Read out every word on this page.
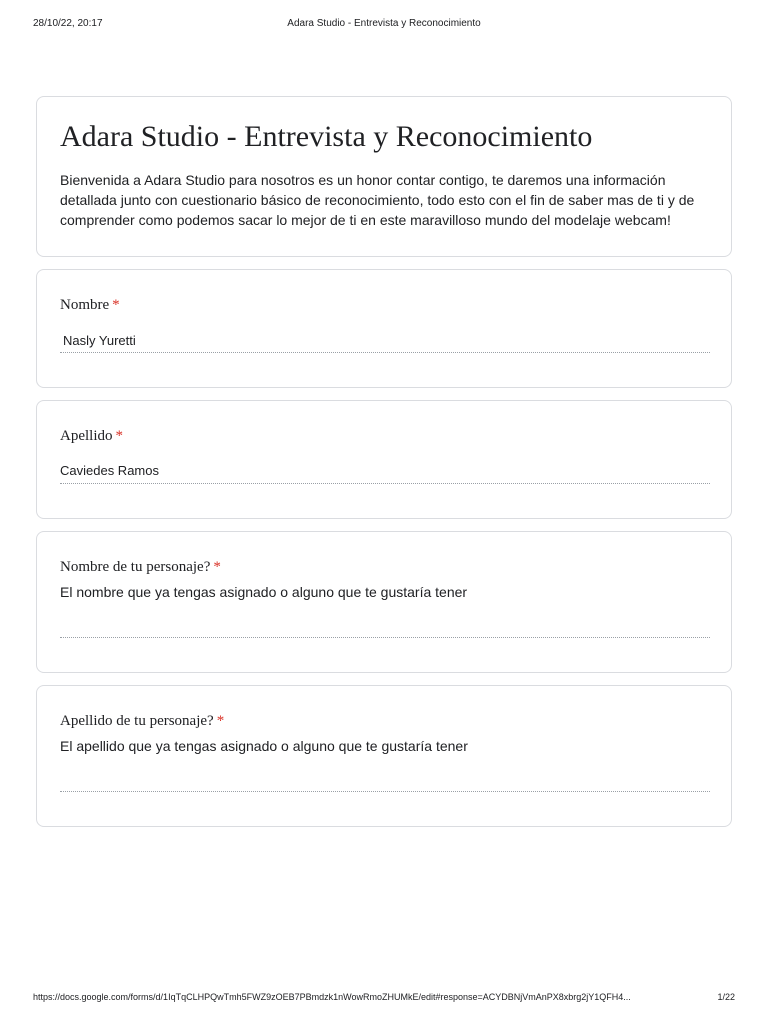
28/10/22, 20:17	Adara Studio - Entrevista y Reconocimiento
Adara Studio - Entrevista y Reconocimiento
Bienvenida a Adara Studio para nosotros es un honor contar contigo, te daremos una información detallada junto con cuestionario básico de reconocimiento, todo esto con el fin de saber mas de ti y de comprender como podemos sacar lo mejor de ti en este maravilloso mundo del modelaje webcam!
Nombre *
Nasly Yuretti
Apellido *
Caviedes Ramos
Nombre de tu personaje? *
El nombre que ya tengas asignado o alguno que te gustaría tener
Apellido de tu personaje? *
El apellido que ya tengas asignado o alguno que te gustaría tener
https://docs.google.com/forms/d/1IqTqCLHPQwTmh5FWZ9zOEB7PBmdzk1nWowRmoZHUMkE/edit#response=ACYDBNjVmAnPX8xbrg2jY1QFH4...	1/22
